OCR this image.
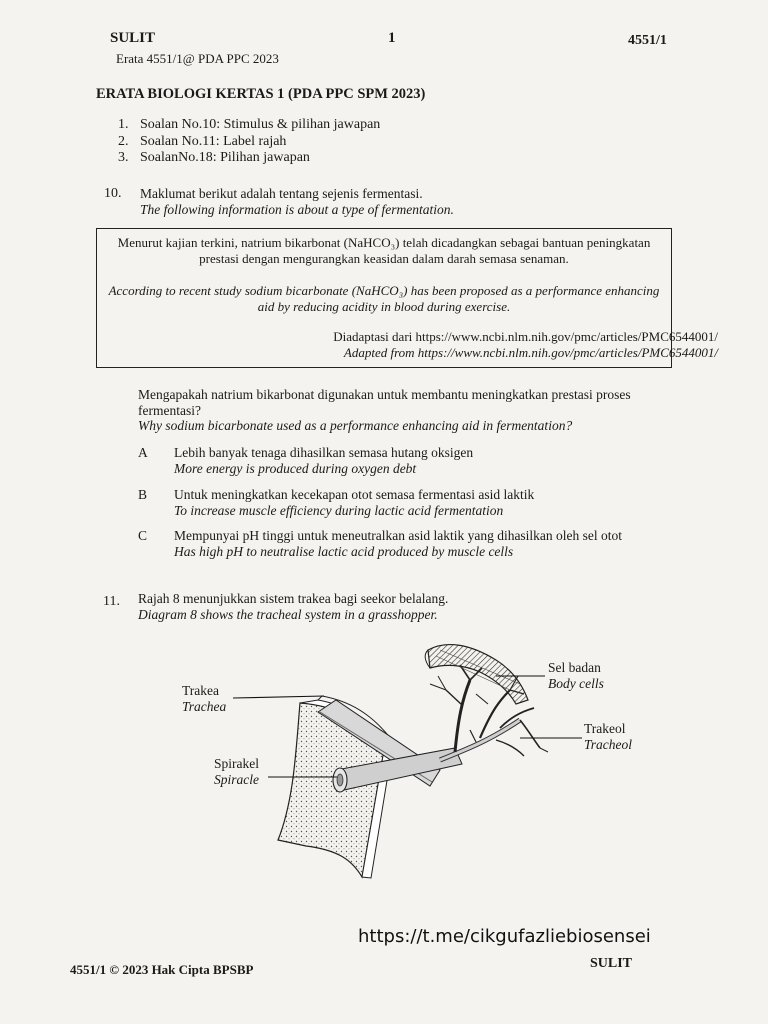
SULIT	1	4551/1
Erata 4551/1@ PDA PPC 2023
ERATA BIOLOGI KERTAS 1 (PDA PPC SPM 2023)
1. Soalan No.10: Stimulus & pilihan jawapan
2. Soalan No.11: Label rajah
3. SoalanNo.18: Pilihan jawapan
10. Maklumat berikut adalah tentang sejenis fermentasi.
The following information is about a type of fermentation.
Menurut kajian terkini, natrium bikarbonat (NaHCO₃) telah dicadangkan sebagai bantuan peningkatan prestasi dengan mengurangkan keasidan dalam darah semasa senaman.
According to recent study sodium bicarbonate (NaHCO₃) has been proposed as a performance enhancing aid by reducing acidity in blood during exercise.
Diadaptasi dari https://www.ncbi.nlm.nih.gov/pmc/articles/PMC6544001/
Adapted from https://www.ncbi.nlm.nih.gov/pmc/articles/PMC6544001/
Mengapakah natrium bikarbonat digunakan untuk membantu meningkatkan prestasi proses fermentasi?
Why sodium bicarbonate used as a performance enhancing aid in fermentation?
A Lebih banyak tenaga dihasilkan semasa hutang oksigen
More energy is produced during oxygen debt
B Untuk meningkatkan kecekapan otot semasa fermentasi asid laktik
To increase muscle efficiency during lactic acid fermentation
C Mempunyai pH tinggi untuk meneutralkan asid laktik yang dihasilkan oleh sel otot
Has high pH to neutralise lactic acid produced by muscle cells
11. Rajah 8 menunjukkan sistem trakea bagi seekor belalang.
Diagram 8 shows the tracheal system in a grasshopper.
Trakea
Trachea
Spirakel
Spiracle
Sel badan
Body cells
Trakeol
Tracheol
https://t.me/cikgufazliebiosensei
4551/1 © 2023 Hak Cipta BPSBP	SULIT
